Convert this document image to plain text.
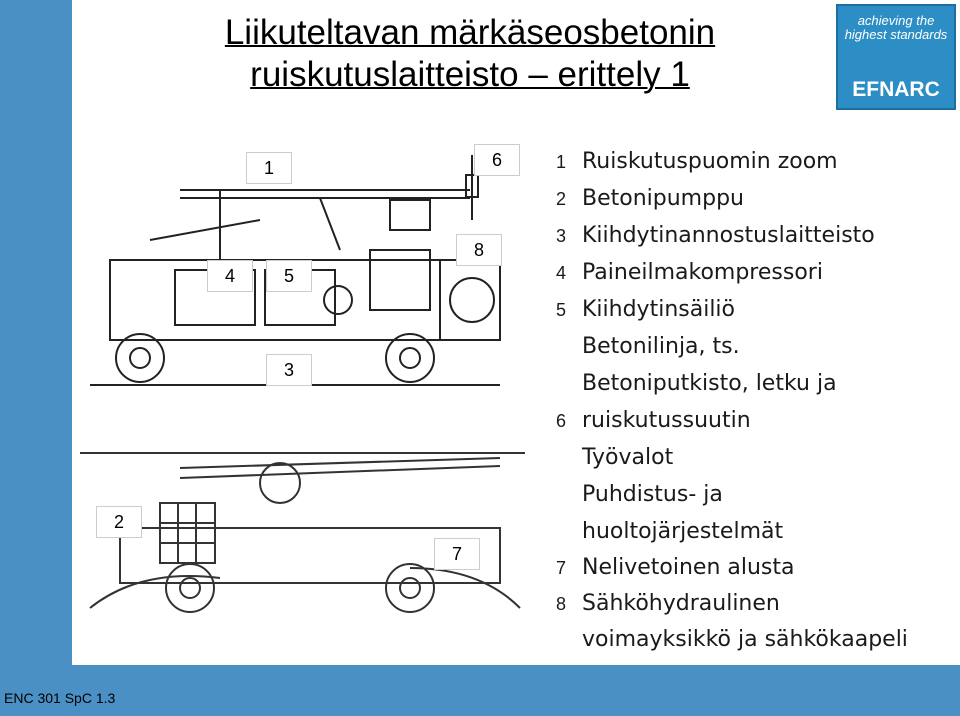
ENC 301 SpC 1.3
Liikuteltavan märkäseosbetonin
ruiskutuslaitteisto – erittely 1
achieving the highest standards
EFNARC
1	6
8
4	5
3
2
7
1 Ruiskutuspuomin zoom
2 Betonipumppu
3 Kiihdytinannostuslaitteisto
4 Paineilmakompressori
5 Kiihdytinsäiliö
Betonilinja, ts.
Betoniputkisto, letku ja
6 ruiskutussuutin
Työvalot
Puhdistus- ja
huoltojärjestelmät
7 Nelivetoinen alusta
8 Sähköhydraulinen
voimayksikkö ja sähkökaapeli
